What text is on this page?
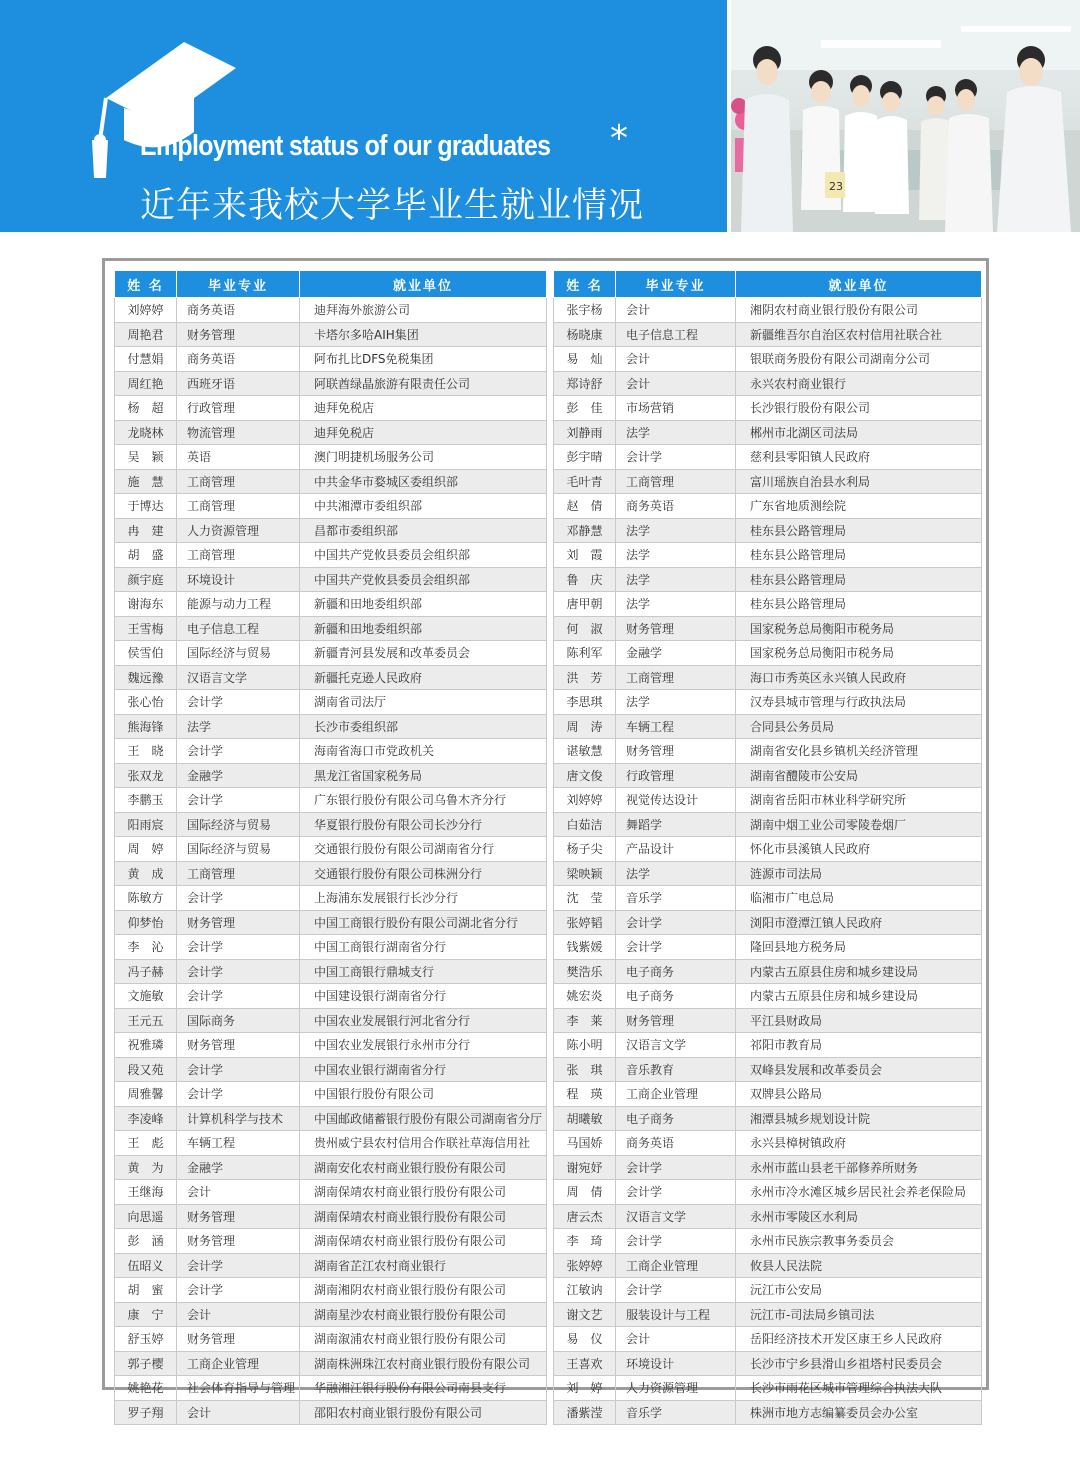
Employment status of our graduates *
近年来我校大学毕业生就业情况	23
姓 名	毕业专业	就业单位
刘婷婷	商务英语	迪拜海外旅游公司
周艳君	财务管理	卡塔尔多哈AIH集团
付慧娟	商务英语	阿布扎比DFS免税集团
周红艳	西班牙语	阿联酋绿晶旅游有限责任公司
杨　超	行政管理	迪拜免税店
龙晓林	物流管理	迪拜免税店
吴　颖	英语	澳门明捷机场服务公司
施　慧	工商管理	中共金华市婺城区委组织部
于博达	工商管理	中共湘潭市委组织部
冉　建	人力资源管理	昌都市委组织部
胡　盛	工商管理	中国共产党攸县委员会组织部
颜宇庭	环境设计	中国共产党攸县委员会组织部
谢海东	能源与动力工程	新疆和田地委组织部
王雪梅	电子信息工程	新疆和田地委组织部
侯雪伯	国际经济与贸易	新疆青河县发展和改革委员会
魏远豫	汉语言文学	新疆托克逊人民政府
张心怡	会计学	湖南省司法厅
熊海锋	法学	长沙市委组织部
王　晓	会计学	海南省海口市党政机关
张双龙	金融学	黑龙江省国家税务局
李鹏玉	会计学	广东银行股份有限公司乌鲁木齐分行
阳雨宸	国际经济与贸易	华夏银行股份有限公司长沙分行
周　婷	国际经济与贸易	交通银行股份有限公司湖南省分行
黄　成	工商管理	交通银行股份有限公司株洲分行
陈敏方	会计学	上海浦东发展银行长沙分行
仰梦怡	财务管理	中国工商银行股份有限公司湖北省分行
李　沁	会计学	中国工商银行湖南省分行
冯子赫	会计学	中国工商银行鼎城支行
文施敏	会计学	中国建设银行湖南省分行
王元五	国际商务	中国农业发展银行河北省分行
祝雅璘	财务管理	中国农业发展银行永州市分行
段又苑	会计学	中国农业银行湖南省分行
周雅馨	会计学	中国银行股份有限公司
李凌峰	计算机科学与技术	中国邮政储蓄银行股份有限公司湖南省分厅
王　彪	车辆工程	贵州威宁县农村信用合作联社草海信用社
黄　为	金融学	湖南安化农村商业银行股份有限公司
王继海	会计	湖南保靖农村商业银行股份有限公司
向思遥	财务管理	湖南保靖农村商业银行股份有限公司
彭　涵	财务管理	湖南保靖农村商业银行股份有限公司
伍昭义	会计学	湖南省芷江农村商业银行
胡　蜜	会计学	湖南湘阴农村商业银行股份有限公司
康　宁	会计	湖南星沙农村商业银行股份有限公司
舒玉婷	财务管理	湖南溆浦农村商业银行股份有限公司
郭子樱	工商企业管理	湖南株洲珠江农村商业银行股份有限公司
姚艳花	社会体育指导与管理	华融湘江银行股份有限公司南县支行
罗子翔	会计	邵阳农村商业银行股份有限公司
姓 名	毕业专业	就业单位
张宇杨	会计	湘阴农村商业银行股份有限公司
杨晓康	电子信息工程	新疆维吾尔自治区农村信用社联合社
易　灿	会计	银联商务股份有限公司湖南分公司
郑诗舒	会计	永兴农村商业银行
彭　佳	市场营销	长沙银行股份有限公司
刘静雨	法学	郴州市北湖区司法局
彭宇晴	会计学	慈利县零阳镇人民政府
毛叶青	工商管理	富川瑶族自治县水利局
赵　倩	商务英语	广东省地质测绘院
邓静慧	法学	桂东县公路管理局
刘　霞	法学	桂东县公路管理局
鲁　庆	法学	桂东县公路管理局
唐甲朝	法学	桂东县公路管理局
何　淑	财务管理	国家税务总局衡阳市税务局
陈利军	金融学	国家税务总局衡阳市税务局
洪　芳	工商管理	海口市秀英区永兴镇人民政府
李思琪	法学	汉寿县城市管理与行政执法局
周　涛	车辆工程	合同县公务员局
谌敏慧	财务管理	湖南省安化县乡镇机关经济管理
唐文俊	行政管理	湖南省醴陵市公安局
刘婷婷	视觉传达设计	湖南省岳阳市林业科学研究所
白茹洁	舞蹈学	湖南中烟工业公司零陵卷烟厂
杨子尖	产品设计	怀化市县溪镇人民政府
梁映颖	法学	涟源市司法局
沈　莹	音乐学	临湘市广电总局
张婷韬	会计学	浏阳市澄潭江镇人民政府
钱紫媛	会计学	隆回县地方税务局
樊浩乐	电子商务	内蒙古五原县住房和城乡建设局
姚宏炎	电子商务	内蒙古五原县住房和城乡建设局
李　莱	财务管理	平江县财政局
陈小明	汉语言文学	祁阳市教育局
张　琪	音乐教育	双峰县发展和改革委员会
程　瑛	工商企业管理	双牌县公路局
胡曦敏	电子商务	湘潭县城乡规划设计院
马国娇	商务英语	永兴县樟树镇政府
谢宛妤	会计学	永州市蓝山县老干部修养所财务
周　倩	会计学	永州市冷水滩区城乡居民社会养老保险局
唐云杰	汉语言文学	永州市零陵区水利局
李　琦	会计学	永州市民族宗教事务委员会
张婷婷	工商企业管理	攸县人民法院
江敏讷	会计学	沅江市公安局
谢文艺	服装设计与工程	沅江市-司法局乡镇司法
易　仪	会计	岳阳经济技术开发区康王乡人民政府
王喜欢	环境设计	长沙市宁乡县滑山乡祖塔村民委员会
刘　婷	人力资源管理	长沙市雨花区城市管理综合执法大队
潘紫滢	音乐学	株洲市地方志编纂委员会办公室
